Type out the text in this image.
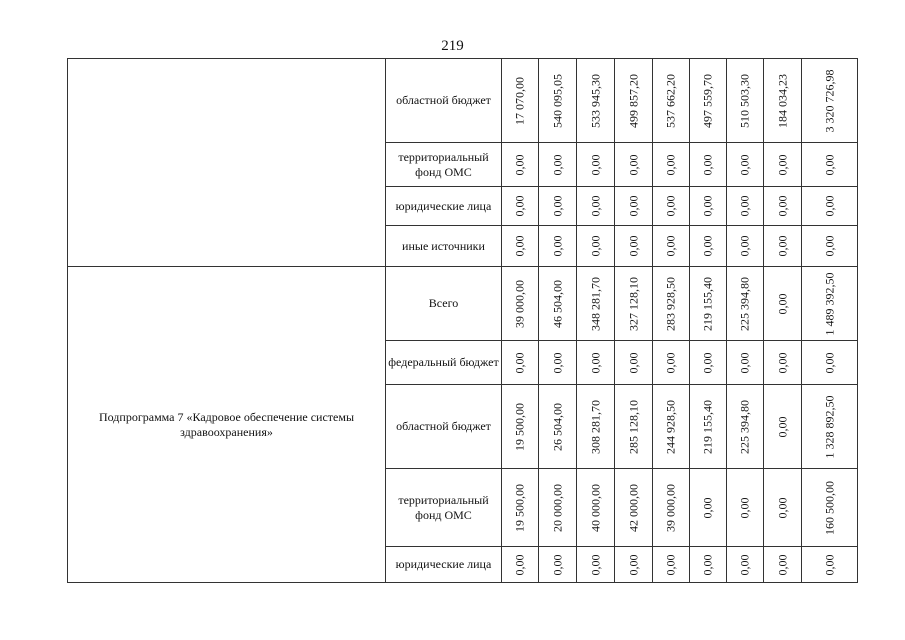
219
	областной бюджет	17 070,00	540 095,05	533 945,30	499 857,20	537 662,20	497 559,70	510 503,30	184 034,23	3 320 726,98

	территориальный фонд ОМС	0,00	0,00	0,00	0,00	0,00	0,00	0,00	0,00	0,00

	юридические лица	0,00	0,00	0,00	0,00	0,00	0,00	0,00	0,00	0,00

	иные источники	0,00	0,00	0,00	0,00	0,00	0,00	0,00	0,00	0,00

Подпрограмма 7 «Кадровое обеспечение системы здравоохранения»	Всего	39 000,00	46 504,00	348 281,70	327 128,10	283 928,50	219 155,40	225 394,80	0,00	1 489 392,50

	федеральный бюджет	0,00	0,00	0,00	0,00	0,00	0,00	0,00	0,00	0,00

	областной бюджет	19 500,00	26 504,00	308 281,70	285 128,10	244 928,50	219 155,40	225 394,80	0,00	1 328 892,50

	территориальный фонд ОМС	19 500,00	20 000,00	40 000,00	42 000,00	39 000,00	0,00	0,00	0,00	160 500,00

	юридические лица	0,00	0,00	0,00	0,00	0,00	0,00	0,00	0,00	0,00
